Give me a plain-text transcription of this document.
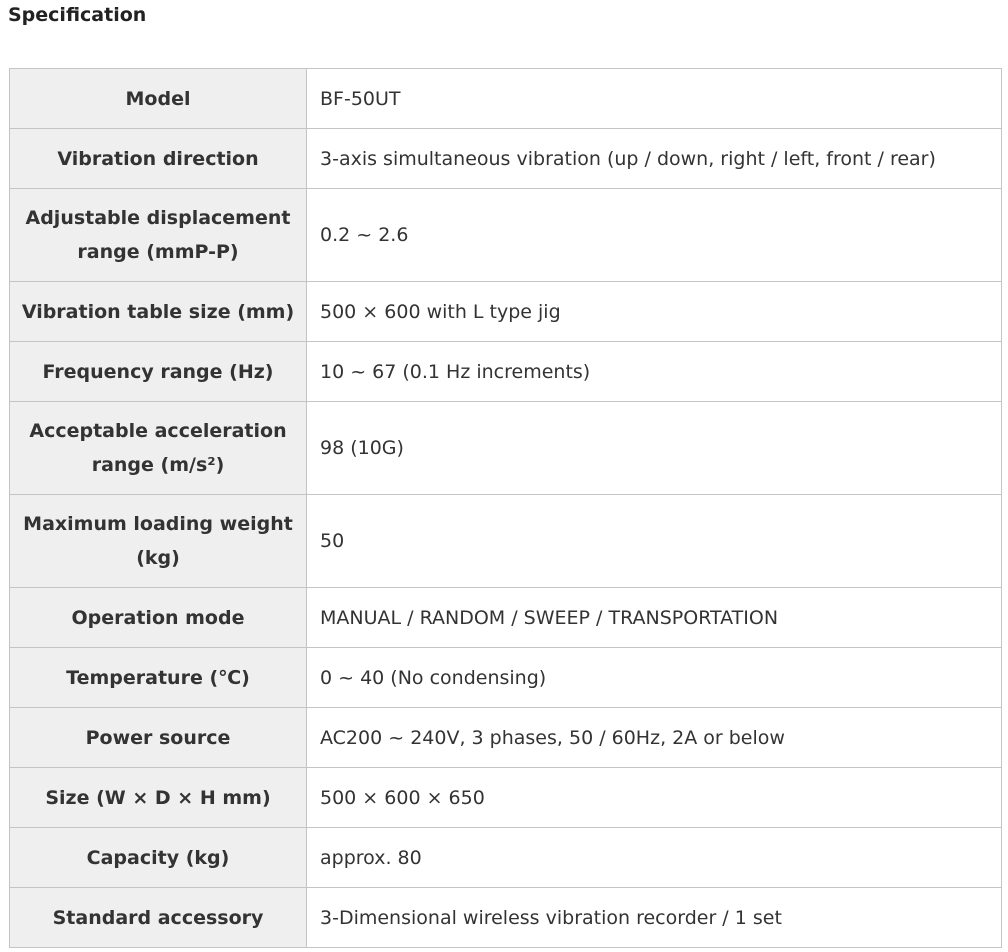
Specification
Model	BF-50UT
Vibration direction	3-axis simultaneous vibration (up / down, right / left, front / rear)
Adjustable displacement range (mmP-P)	0.2 ~ 2.6
Vibration table size (mm)	500 × 600 with L type jig
Frequency range (Hz)	10 ~ 67 (0.1 Hz increments)
Acceptable acceleration range (m/s²)	98 (10G)
Maximum loading weight (kg)	50
Operation mode	MANUAL / RANDOM / SWEEP / TRANSPORTATION
Temperature (℃)	0 ~ 40 (No condensing)
Power source	AC200 ~ 240V, 3 phases, 50 / 60Hz, 2A or below
Size (W × D × H mm)	500 × 600 × 650
Capacity (kg)	approx. 80
Standard accessory	3-Dimensional wireless vibration recorder / 1 set
